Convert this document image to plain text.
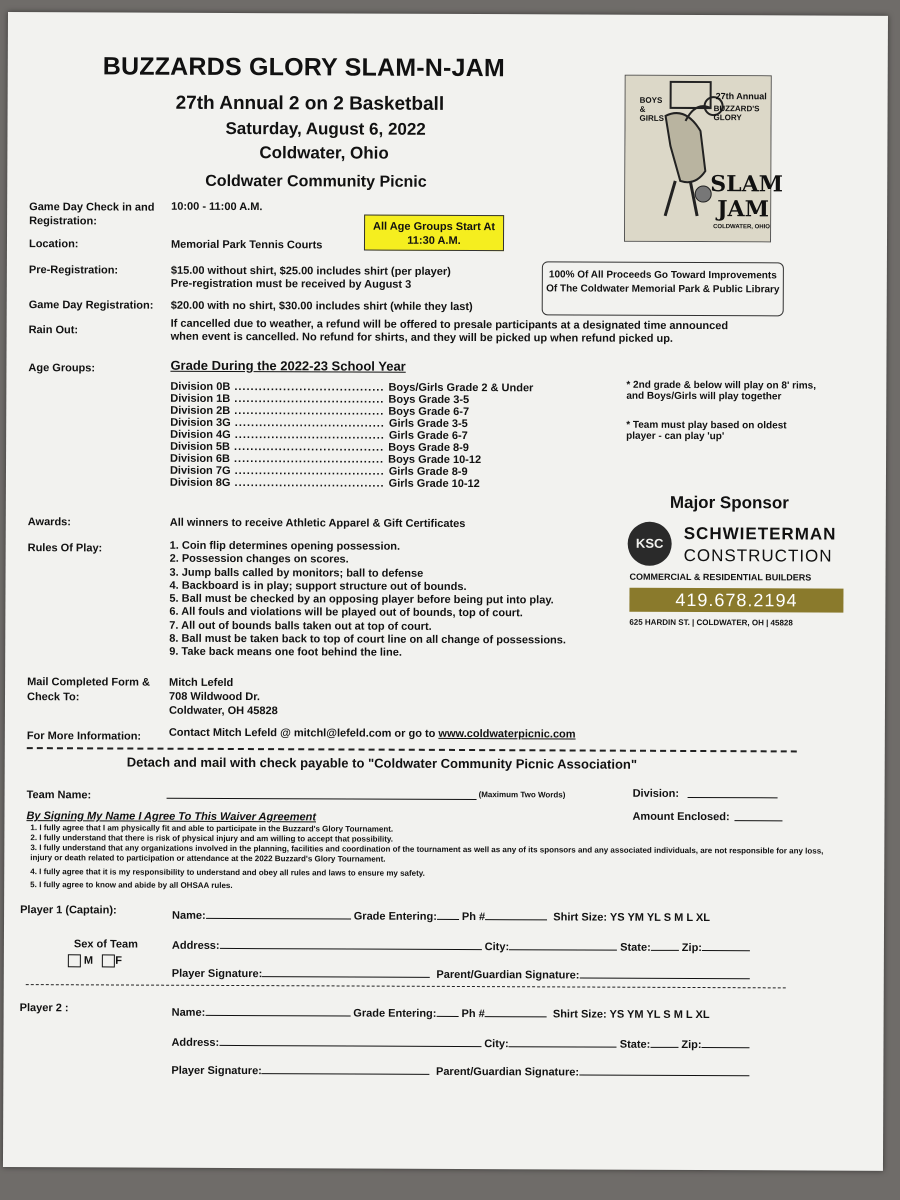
BUZZARDS GLORY SLAM-N-JAM
27th Annual 2 on 2 Basketball
Saturday, August 6, 2022
Coldwater, Ohio
Coldwater Community Picnic
27th Annual
BUZZARD'S GLORY
BOYS & GIRLS
SLAM
JAM
COLDWATER, OHIO
Game Day Check in and Registration:
10:00 - 11:00 A.M.
All Age Groups Start At 11:30 A.M.
Location:	Memorial Park Tennis Courts
100% Of All Proceeds Go Toward Improvements Of The Coldwater Memorial Park & Public Library
Pre-Registration:	$15.00 without shirt, $25.00 includes shirt (per player)
Pre-registration must be received by August 3
Game Day Registration: $20.00 with no shirt, $30.00 includes shirt (while they last)
Rain Out:	If cancelled due to weather, a refund will be offered to presale participants at a designated time announced
when event is cancelled. No refund for shirts, and they will be picked up when refund picked up.
Age Groups:	Grade During the 2022-23 School Year
Division 0B ..................................... Boys/Girls Grade 2 & Under
Division 1B ..................................... Boys Grade 3-5
Division 2B ..................................... Boys Grade 6-7
Division 3G ..................................... Girls Grade 3-5
Division 4G ..................................... Girls Grade 6-7
Division 5B ..................................... Boys Grade 8-9
Division 6B ..................................... Boys Grade 10-12
Division 7G ..................................... Girls Grade 8-9
Division 8G ..................................... Girls Grade 10-12
* 2nd grade & below will play on 8' rims, and Boys/Girls will play together
* Team must play based on oldest player - can play 'up'
Major Sponsor
KSC	SCHWIETERMAN
CONSTRUCTION
COMMERCIAL & RESIDENTIAL BUILDERS
419.678.2194
625 HARDIN ST. | COLDWATER, OH | 45828
Awards:	All winners to receive Athletic Apparel & Gift Certificates
Rules Of Play:	1. Coin flip determines opening possession.
2. Possession changes on scores.
3. Jump balls called by monitors; ball to defense
4. Backboard is in play; support structure out of bounds.
5. Ball must be checked by an opposing player before being put into play.
6. All fouls and violations will be played out of bounds, top of court.
7. All out of bounds balls taken out at top of court.
8. Ball must be taken back to top of court line on all change of possessions.
9. Take back means one foot behind the line.
Mail Completed Form &
Check To:
Mitch Lefeld
708 Wildwood Dr.
Coldwater, OH 45828
For More Information:	Contact Mitch Lefeld @ mitchl@lefeld.com or go to www.coldwaterpicnic.com
Detach and mail with check payable to "Coldwater Community Picnic Association"
Team Name:	(Maximum Two Words)	Division:
Amount Enclosed:
By Signing My Name I Agree To This Waiver Agreement
1. I fully agree that I am physically fit and able to participate in the Buzzard's Glory Tournament.
2. I fully understand that there is risk of physical injury and am willing to accept that possibility.
3. I fully understand that any organizations involved in the planning, facilities and coordination of the tournament as well as any of its sponsors and any associated individuals, are not responsible for any loss, injury or death related to participation or attendance at the 2022 Buzzard's Glory Tournament.
4. I fully agree that it is my responsibility to understand and obey all rules and laws to ensure my safety.
5. I fully agree to know and abide by all OHSAA rules.
Player 1 (Captain):	Name:	Grade Entering: Ph #	Shirt Size: YS YM YL S M L XL
Sex of Team
M F
Address:	City:	State:	Zip:
Player Signature:	Parent/Guardian Signature:
Player 2 :	Name:	Grade Entering: Ph #	Shirt Size: YS YM YL S M L XL
Address:	City:	State:	Zip:
Player Signature:	Parent/Guardian Signature:
